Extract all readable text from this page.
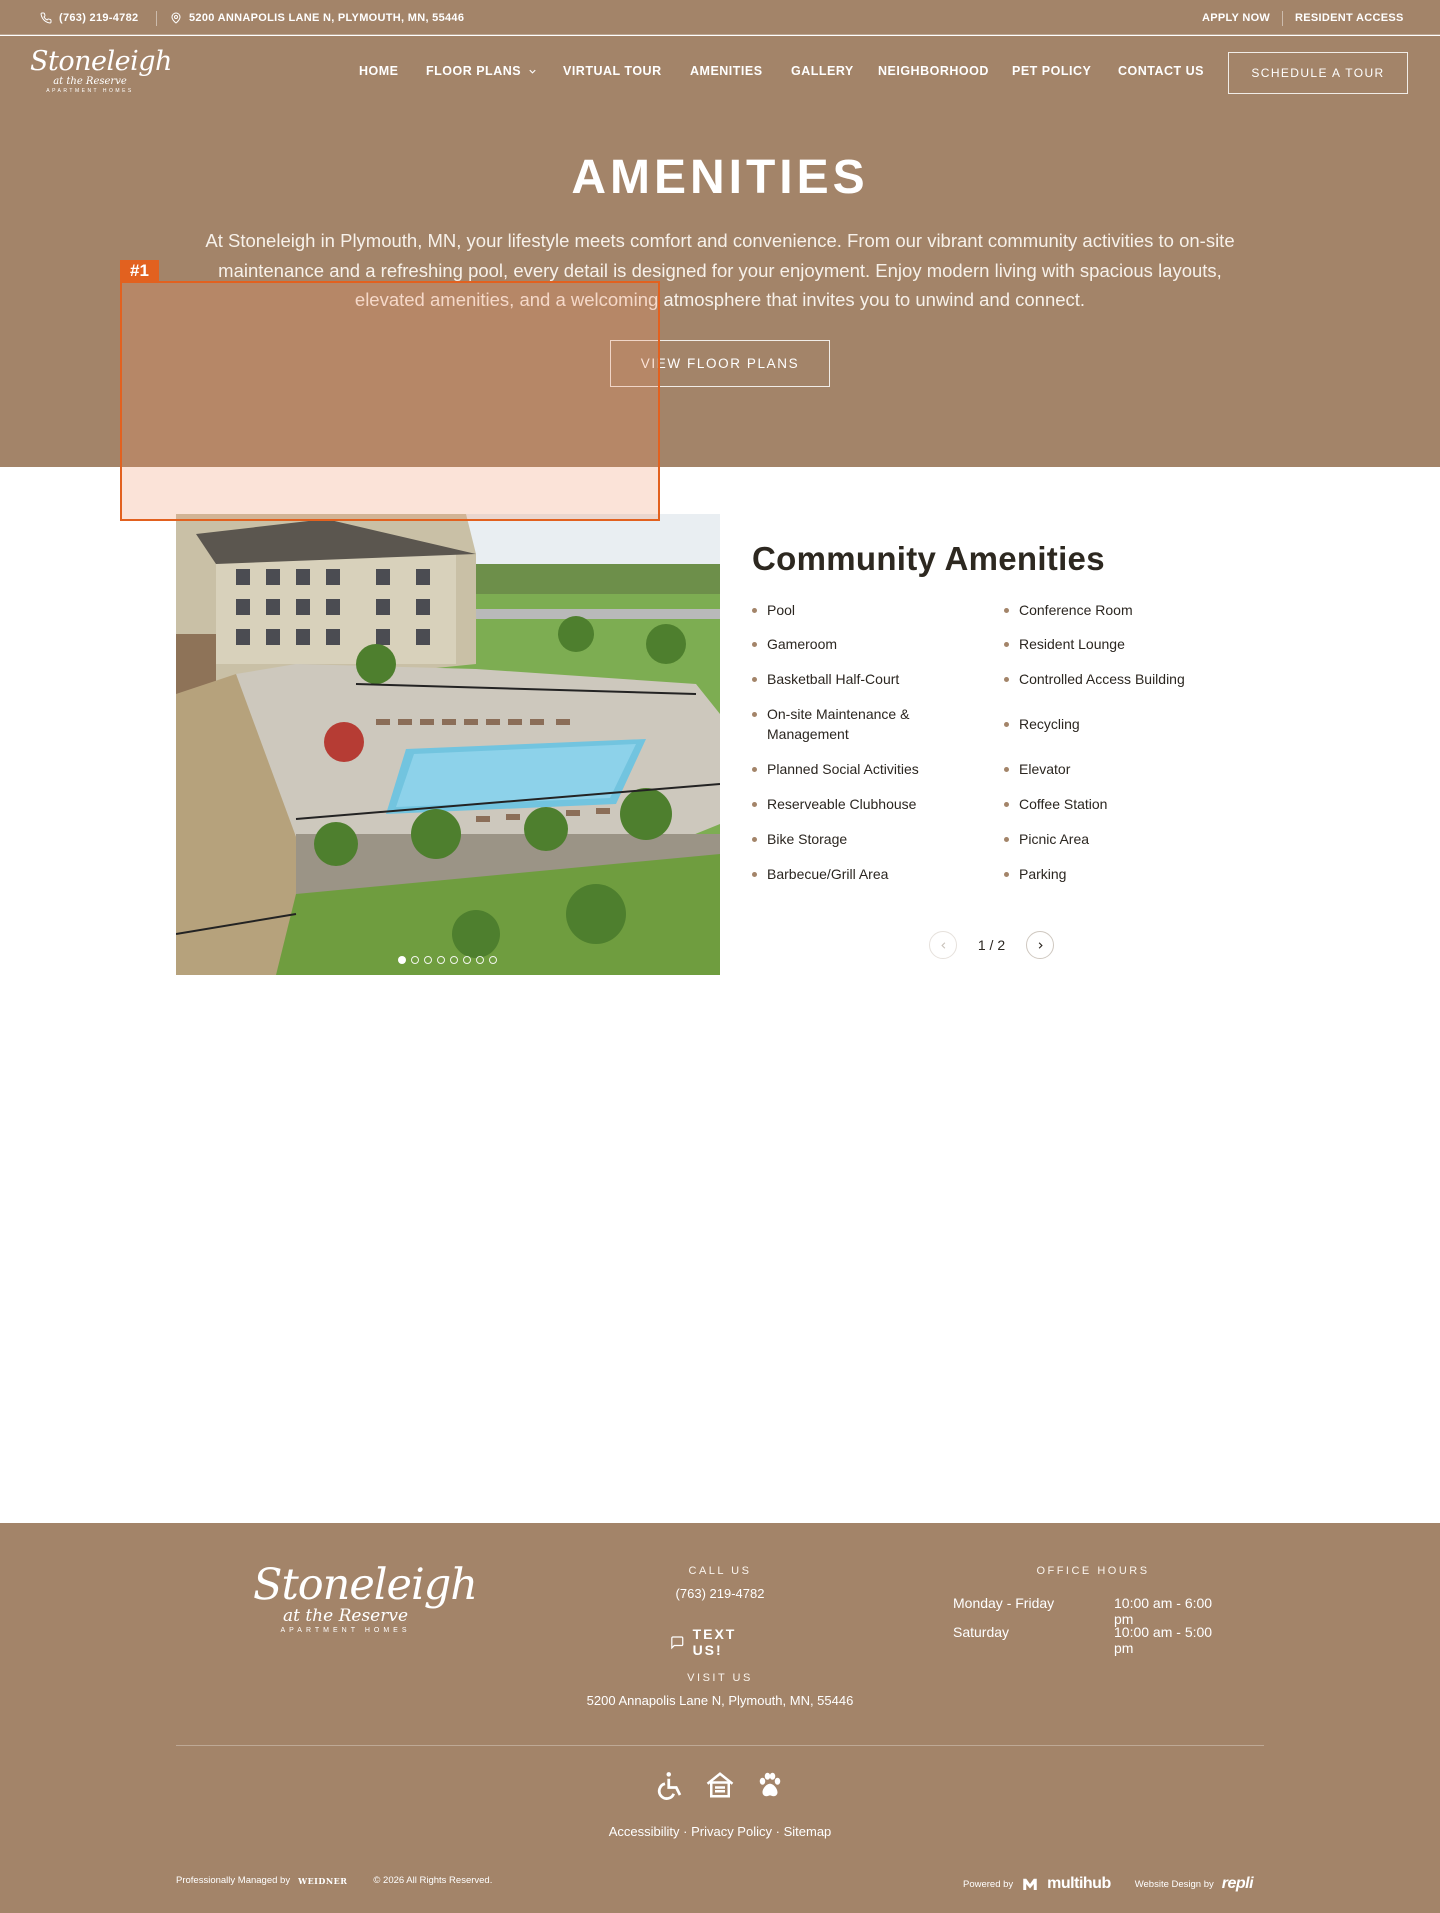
(763) 219-4782	5200 ANNAPOLIS LANE N, PLYMOUTH, MN, 55446	APPLY NOW RESIDENT ACCESS
Stoneleigh
at the Reserve
APARTMENT HOMES
HOME FLOOR PLANS	VIRTUAL TOUR AMENITIES GALLERY NEIGHBORHOOD PET POLICY CONTACT US	SCHEDULE A TOUR
AMENITIES

At Stoneleigh in Plymouth, MN, your lifestyle meets comfort and convenience. From our vibrant community activities to on-site maintenance and a refreshing pool, every detail is designed for your enjoyment. Enjoy modern living with spacious layouts, elevated amenities, and a welcoming atmosphere that invites you to unwind and connect.

VIEW FLOOR PLANS
Community Amenities
Pool
Gameroom
Basketball Half-Court
On-site Maintenance & Management
Planned Social Activities
Reserveable Clubhouse
Bike Storage
Barbecue/Grill Area
Conference Room
Resident Lounge
Controlled Access Building
Recycling
Elevator
Coffee Station
Picnic Area
Parking
1 / 2
#1
Stoneleigh
at the Reserve
APARTMENT HOMES
CALL US
(763) 219-4782
TEXT US!
VISIT US
5200 Annapolis Lane N, Plymouth, MN, 55446
OFFICE HOURS
Monday - Friday	10:00 am - 6:00 pm
Saturday	10:00 am - 5:00 pm
Accessibility · Privacy Policy · Sitemap
Professionally Managed by WEIDNER	© 2026 All Rights Reserved.	Powered by multihub	Website Design by repli
